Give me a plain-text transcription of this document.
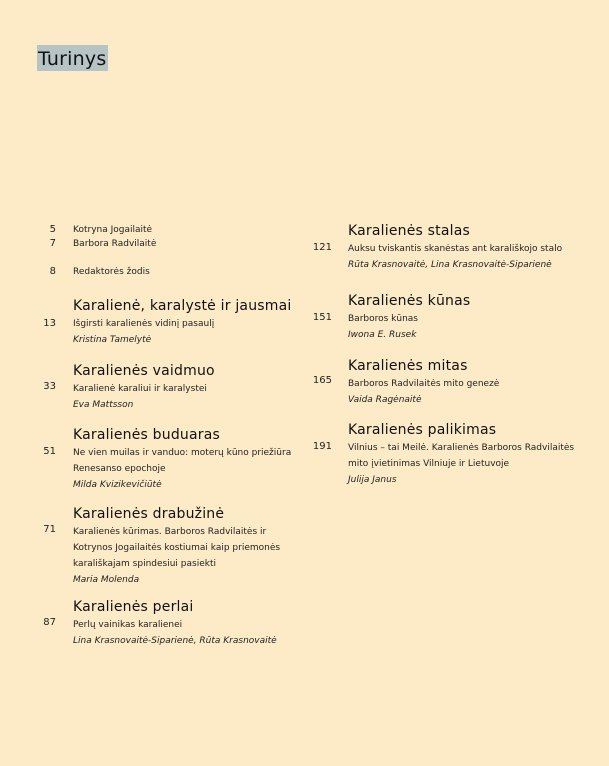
Turinys
5 Kotryna Jogailaitė
7 Barbora Radvilaitė
8 Redaktorės žodis
Karalienė, karalystė ir jausmai
Išgirsti karalienės vidinį pasaulį
Kristina Tamelytė
13
Karalienės vaidmuo
Karalienė karaliui ir karalystei
Eva Mattsson
33
Karalienės buduaras
Ne vien muilas ir vanduo: moterų kūno priežiūra
Renesanso epochoje
Milda Kvizikevičiūtė
51
Karalienės drabužinė
Karalienės kūrimas. Barboros Radvilaitės ir
Kotrynos Jogailaitės kostiumai kaip priemonės
karališkajam spindesiui pasiekti
Maria Molenda
71
Karalienės perlai
Perlų vainikas karalienei
Lina Krasnovaitė-Siparienė, Rūta Krasnovaitė
87
Karalienės stalas
Auksu tviskantis skanėstas ant karališkojo stalo
Rūta Krasnovaitė, Lina Krasnovaitė-Siparienė
121
Karalienės kūnas
Barboros kūnas
Iwona E. Rusek
151
Karalienės mitas
Barboros Radvilaitės mito genezė
Vaida Ragėnaitė
165
Karalienės palikimas
Vilnius – tai Meilė. Karalienės Barboros Radvilaitės
mito įvietinimas Vilniuje ir Lietuvoje
Julija Janus
191
